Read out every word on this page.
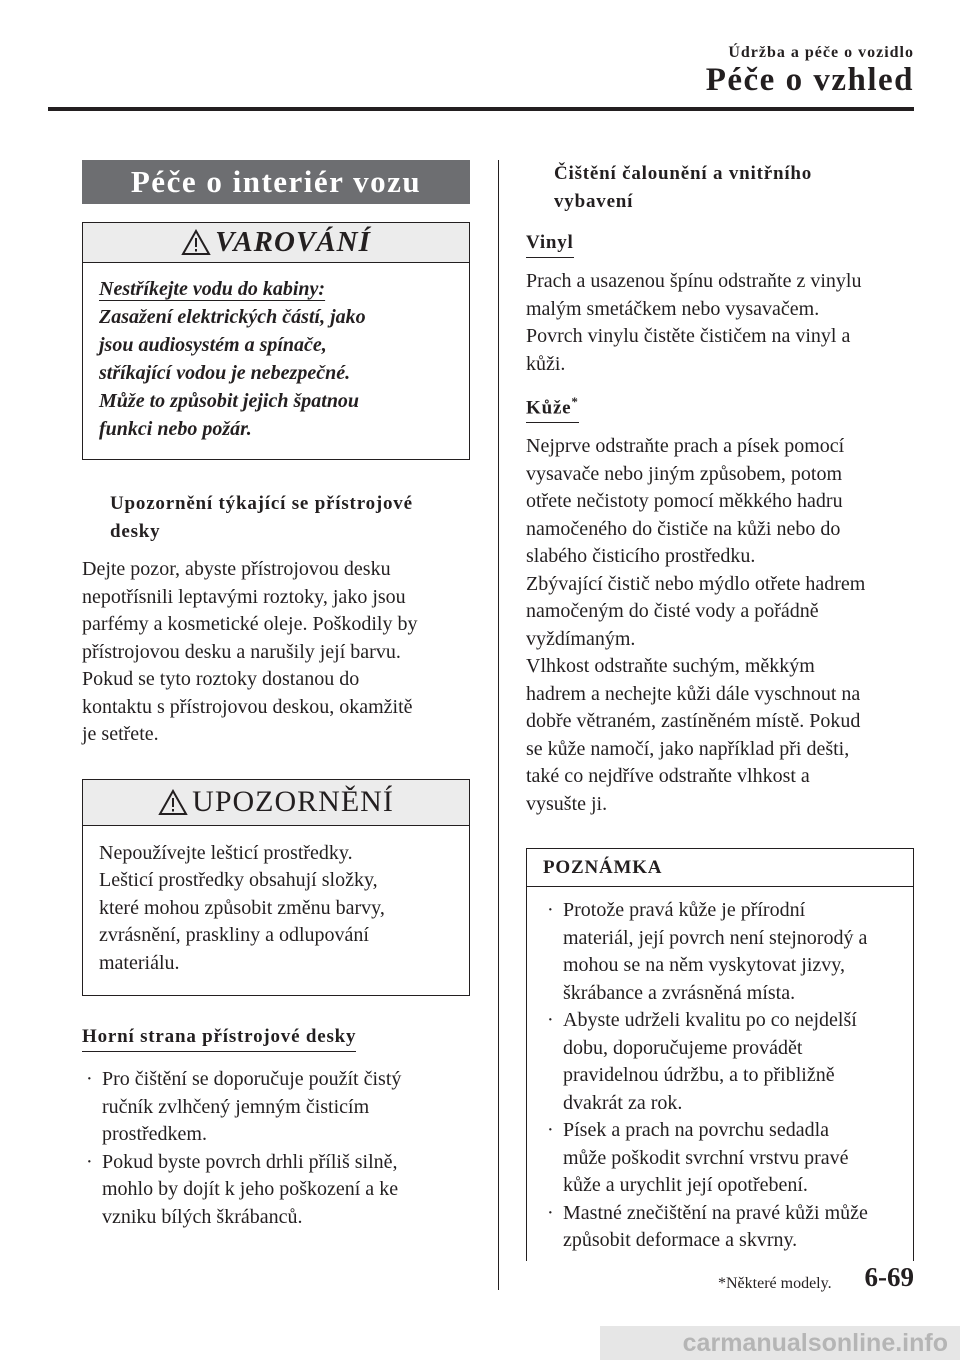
Údržba a péče o vozidlo
Péče o vzhled
Péče o interiér vozu
VAROVÁNÍ
Nestříkejte vodu do kabiny:
Zasažení elektrických částí, jako
jsou audiosystém a spínače,
stříkající vodou je nebezpečné.
Může to způsobit jejich špatnou
funkci nebo požár.
Upozornění týkající se přístrojové
desky
Dejte pozor, abyste přístrojovou desku
nepotřísnili leptavými roztoky, jako jsou
parfémy a kosmetické oleje. Poškodily by
přístrojovou desku a narušily její barvu.
Pokud se tyto roztoky dostanou do
kontaktu s přístrojovou deskou, okamžitě
je setřete.
UPOZORNĚNÍ
Nepoužívejte lešticí prostředky.
Lešticí prostředky obsahují složky,
které mohou způsobit změnu barvy,
zvrásnění, praskliny a odlupování
materiálu.
Horní strana přístrojové desky
· Pro čištění se doporučuje použít čistý
ručník zvlhčený jemným čisticím
prostředkem.
· Pokud byste povrch drhli příliš silně,
mohlo by dojít k jeho poškození a ke
vzniku bílých škrábanců.
Čištění čalounění a vnitřního
vybavení
Vinyl
Prach a usazenou špínu odstraňte z vinylu
malým smetáčkem nebo vysavačem.
Povrch vinylu čistěte čističem na vinyl a
kůži.
Kůže*
Nejprve odstraňte prach a písek pomocí
vysavače nebo jiným způsobem, potom
otřete nečistoty pomocí měkkého hadru
namočeného do čističe na kůži nebo do
slabého čisticího prostředku.
Zbývající čistič nebo mýdlo otřete hadrem
namočeným do čisté vody a pořádně
vyždímaným.
Vlhkost odstraňte suchým, měkkým
hadrem a nechejte kůži dále vyschnout na
dobře větraném, zastíněném místě. Pokud
se kůže namočí, jako například při dešti,
také co nejdříve odstraňte vlhkost a
vysušte ji.
POZNÁMKA
· Protože pravá kůže je přírodní
materiál, její povrch není stejnorodý a
mohou se na něm vyskytovat jizvy,
škrábance a zvrásněná místa.
· Abyste udrželi kvalitu po co nejdelší
dobu, doporučujeme provádět
pravidelnou údržbu, a to přibližně
dvakrát za rok.
· Písek a prach na povrchu sedadla
může poškodit svrchní vrstvu pravé
kůže a urychlit její opotřebení.
· Mastné znečištění na pravé kůži může
způsobit deformace a skvrny.
*Některé modely. 6-69
carmanualsonline.info
